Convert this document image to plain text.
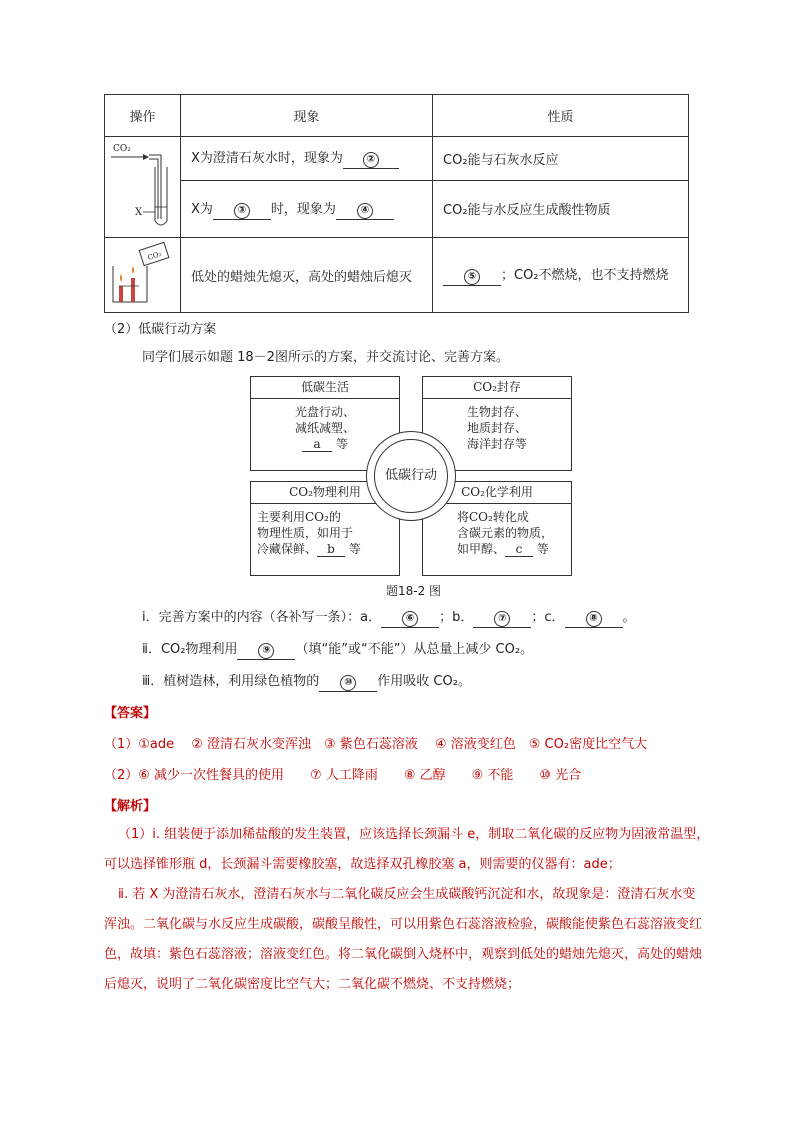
操作	现象	性质

CO₂
X	X为澄清石灰水时，现象为 ②	CO₂能与石灰水反应
	X为 ③ 时，现象为 ④	CO₂能与水反应生成酸性物质

CO₂	低处的蜡烛先熄灭，高处的蜡烛后熄灭	⑤ ；CO₂不燃烧，也不支持燃烧
（2）低碳行动方案
同学们展示如题 18－2图所示的方案，并交流讨论、完善方案。
低碳生活
光盘行动、
减纸减塑、
a 等
CO₂封存
生物封存、
地质封存、
海洋封存等
CO₂物理利用
主要利用CO₂的
物理性质，如用于
冷藏保鲜、 b 等
CO₂化学利用
将CO₂转化成
含碳元素的物质，
如甲醇、 c 等
低碳行动
题18-2 图
ⅰ．完善方案中的内容（各补写一条）：a． ⑥ ；b． ⑦ ；c． ⑧ 。
ⅱ．CO₂物理利用 ⑨ （填“能”或“不能”）从总量上减少 CO₂。
ⅲ．植树造林，利用绿色植物的 ⑩ 作用吸收 CO₂。
【答案】
（1）①ade　 ② 澄清石灰水变浑浊　③ 紫色石蕊溶液　 ④ 溶液变红色　⑤ CO₂密度比空气大
（2）⑥ 减少一次性餐具的使用　　⑦ 人工降雨　　⑧ 乙醇　　⑨ 不能　　⑩ 光合
【解析】
（1）ⅰ. 组装便于添加稀盐酸的发生装置，应该选择长颈漏斗 e，制取二氧化碳的反应物为固液常温型，
可以选择锥形瓶 d，长颈漏斗需要橡胶塞，故选择双孔橡胶塞 a，则需要的仪器有：ade；
ⅱ. 若 X 为澄清石灰水，澄清石灰水与二氧化碳反应会生成碳酸钙沉淀和水，故现象是：澄清石灰水变
浑浊。二氧化碳与水反应生成碳酸，碳酸呈酸性，可以用紫色石蕊溶液检验，碳酸能使紫色石蕊溶液变红
色，故填：紫色石蕊溶液；溶液变红色。将二氧化碳倒入烧杯中，观察到低处的蜡烛先熄灭，高处的蜡烛
后熄灭，说明了二氧化碳密度比空气大；二氧化碳不燃烧、不支持燃烧；
